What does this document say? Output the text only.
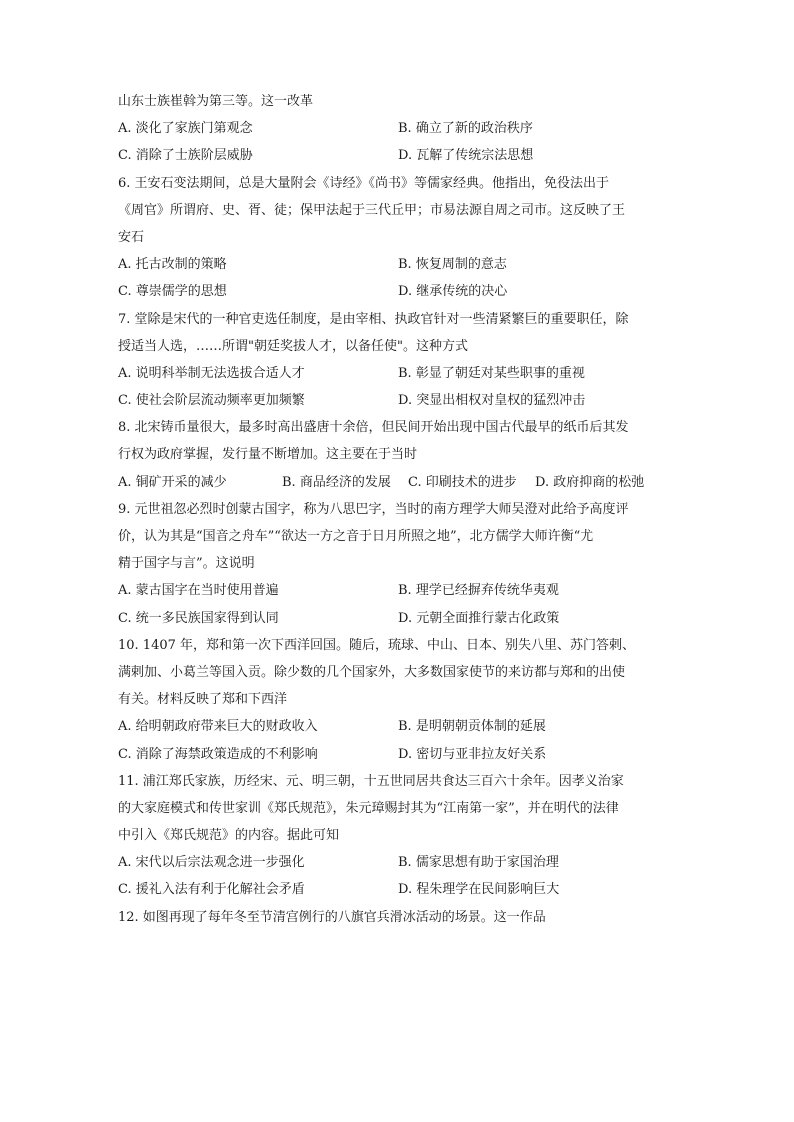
山东士族崔斡为第三等。这一改革
A. 淡化了家族门第观念	B. 确立了新的政治秩序
C. 消除了士族阶层威胁	D. 瓦解了传统宗法思想
6. 王安石变法期间，总是大量附会《诗经》《尚书》等儒家经典。他指出，免役法出于
《周官》所谓府、史、胥、徒；保甲法起于三代丘甲；市易法源自周之司市。这反映了王
安石
A. 托古改制的策略	B. 恢复周制的意志
C. 尊崇儒学的思想	D. 继承传统的决心
7. 堂除是宋代的一种官吏选任制度，是由宰相、执政官针对一些清紧繁巨的重要职任，除
授适当人选，……所谓"朝廷奖拔人才，以备任使"。这种方式
A. 说明科举制无法选拔合适人才	B. 彰显了朝廷对某些职事的重视
C. 使社会阶层流动频率更加频繁	D. 突显出相权对皇权的猛烈冲击
8. 北宋铸币量很大，最多时高出盛唐十余倍，但民间开始出现中国古代最早的纸币后其发
行权为政府掌握，发行量不断增加。这主要在于当时
A. 铜矿开采的减少	B. 商品经济的发展	C. 印刷技术的进步	D. 政府抑商的松弛
9. 元世祖忽必烈时创蒙古国字，称为八思巴字，当时的南方理学大师吴澄对此给予高度评
价，认为其是“国音之舟车”“欲达一方之音于日月所照之地”，北方儒学大师许衡“尤
精于国字与言”。这说明
A. 蒙古国字在当时使用普遍	B. 理学已经摒弃传统华夷观
C. 统一多民族国家得到认同	D. 元朝全面推行蒙古化政策
10. 1407 年，郑和第一次下西洋回国。随后，琉球、中山、日本、别失八里、苏门答剌、
满剌加、小葛兰等国入贡。除少数的几个国家外，大多数国家使节的来访都与郑和的出使
有关。材料反映了郑和下西洋
A. 给明朝政府带来巨大的财政收入	B. 是明朝朝贡体制的延展
C. 消除了海禁政策造成的不利影响	D. 密切与亚非拉友好关系
11. 浦江郑氏家族，历经宋、元、明三朝，十五世同居共食达三百六十余年。因孝义治家
的大家庭模式和传世家训《郑氏规范》，朱元璋赐封其为“江南第一家”，并在明代的法律
中引入《郑氏规范》的内容。据此可知
A. 宋代以后宗法观念进一步强化	B. 儒家思想有助于家国治理
C. 援礼入法有利于化解社会矛盾	D. 程朱理学在民间影响巨大
12. 如图再现了每年冬至节清宫例行的八旗官兵滑冰活动的场景。这一作品
